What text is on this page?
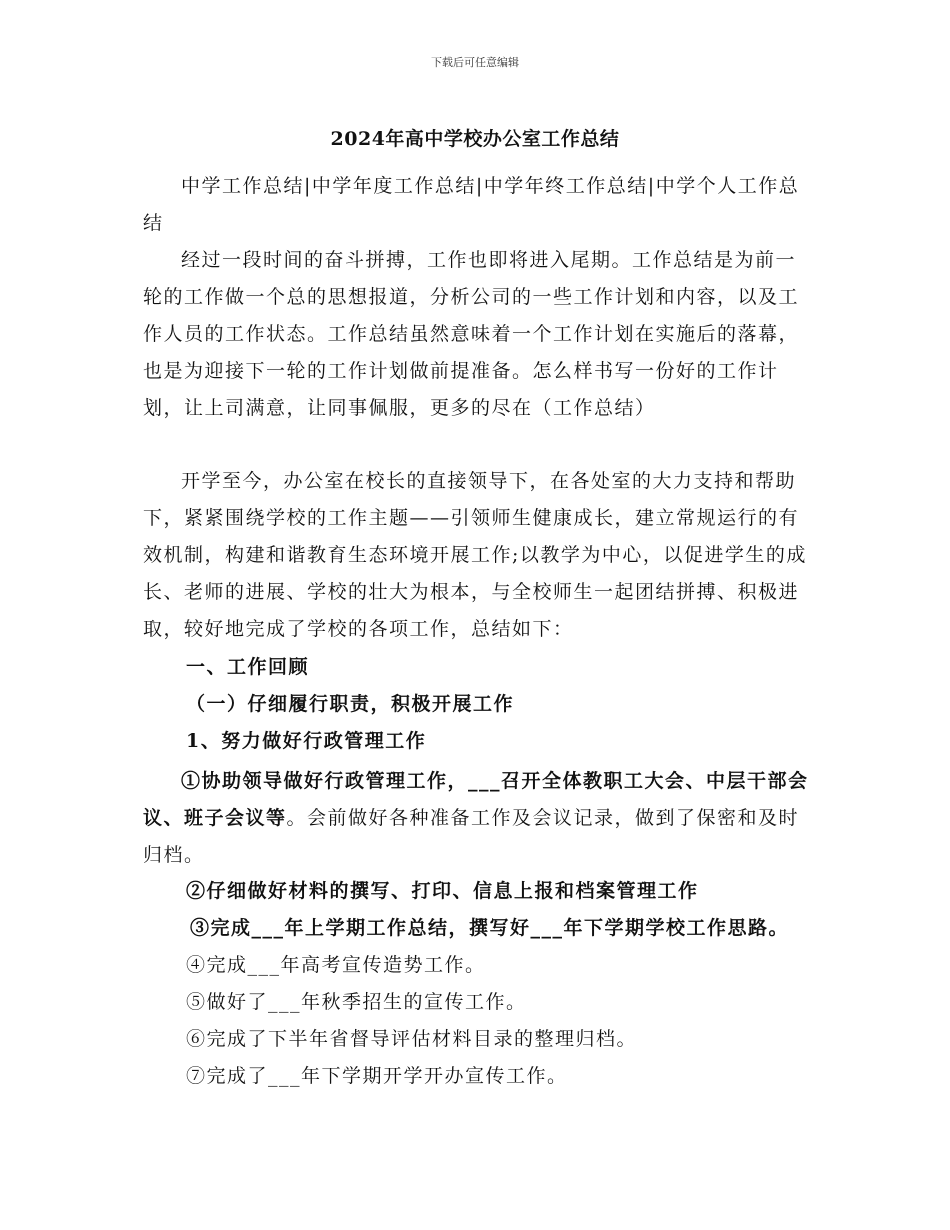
下载后可任意编辑
2024年高中学校办公室工作总结

中学工作总结|中学年度工作总结|中学年终工作总结|中学个人工作总结

经过一段时间的奋斗拼搏，工作也即将进入尾期。工作总结是为前一轮的工作做一个总的思想报道，分析公司的一些工作计划和内容，以及工作人员的工作状态。工作总结虽然意味着一个工作计划在实施后的落幕，也是为迎接下一轮的工作计划做前提准备。怎么样书写一份好的工作计划，让上司满意，让同事佩服，更多的尽在（工作总结）

开学至今，办公室在校长的直接领导下，在各处室的大力支持和帮助下，紧紧围绕学校的工作主题——引领师生健康成长，建立常规运行的有效机制，构建和谐教育生态环境开展工作;以教学为中心，以促进学生的成长、老师的进展、学校的壮大为根本，与全校师生一起团结拼搏、积极进取，较好地完成了学校的各项工作，总结如下：

一、工作回顾
（一）仔细履行职责，积极开展工作
1、努力做好行政管理工作
①协助领导做好行政管理工作，___召开全体教职工大会、中层干部会议、班子会议等。会前做好各种准备工作及会议记录，做到了保密和及时归档。
②仔细做好材料的撰写、打印、信息上报和档案管理工作
③完成___年上学期工作总结，撰写好___年下学期学校工作思路。
④完成___年高考宣传造势工作。
⑤做好了___年秋季招生的宣传工作。
⑥完成了下半年省督导评估材料目录的整理归档。
⑦完成了___年下学期开学开办宣传工作。
